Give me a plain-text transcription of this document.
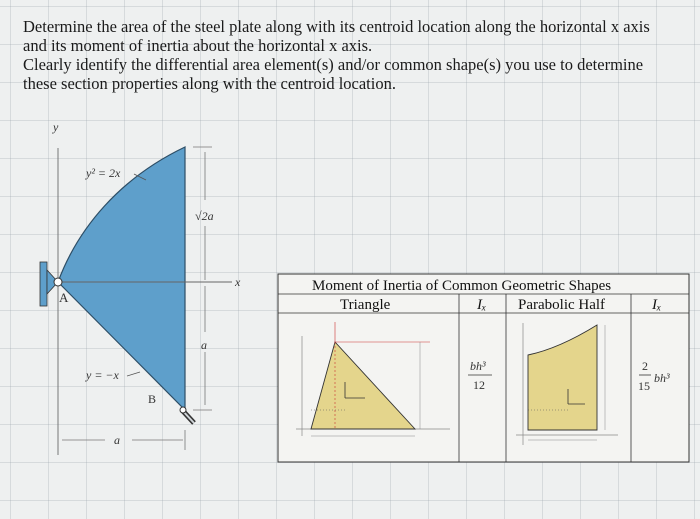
Determine the area of the steel plate along with its centroid location along the horizontal x axis

and its moment of inertia about the horizontal x axis.

Clearly identify the differential area element(s) and/or common shape(s) you use to determine

these section properties along with the centroid location.

y
x
A
B
y² = 2x
y = −x
√2a
a
a
Moment of Inertia of Common Geometric Shapes
Triangle	Iₓ Parabolic Half	Iₓ
bh³
12
2
15
bh³
